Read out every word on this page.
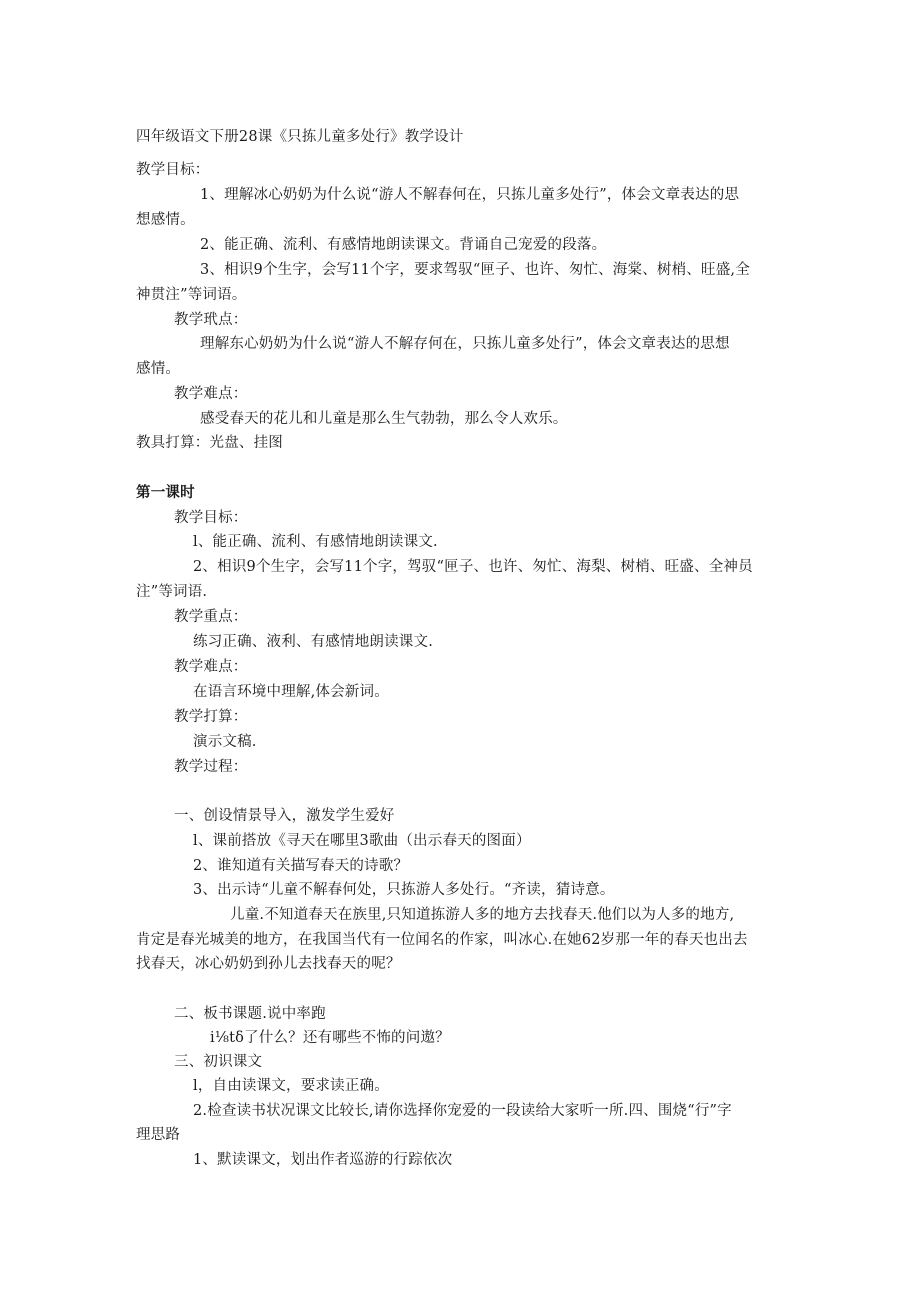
四年级语文下册28课《只拣儿童多处行》教学设计
教学目标：
1、理解冰心奶奶为什么说“游人不解春何在，只拣儿童多处行”，体会文章表达的思
想感情。
2、能正确、流利、有感情地朗读课文。背诵自己宠爱的段落。
3、相识9个生字，会写11个字，要求驾驭“匣子、也许、匆忙、海棠、树梢、旺盛,全
神贯注”等词语。
教学玳点：
理解东心奶奶为什么说“游人不解存何在，只拣儿童多处行”，体会文章表达的思想
感情。
教学难点：
感受春天的花儿和儿童是那么生气勃勃，那么令人欢乐。
教具打算：光盘、挂图
第一课时
教学目标：
l、能正确、流利、有感情地朗读课文.
2、相识9个生字，会写11个字，驾驭“匣子、也许、匆忙、海梨、树梢、旺盛、全神员
注”等词语.
教学重点：
练习正确、液利、有感情地朗读课文.
教学难点：
在语言环境中理解,体会新词。
教学打算：
演示文稿.
教学过程：
一、创设情景导入，激发学生爱好
l、课前搭放《寻天在哪里3歌曲（出示春天的图面）
2、谁知道有关描写春天的诗歌？
3、出示诗“儿童不解春何处，只拣游人多处行。“齐读，猜诗意。
儿童.不知道春天在族里,只知道拣游人多的地方去找春天.他们以为人多的地方,
肯定是春光城美的地方，在我国当代有一位闻名的作家，叫冰心.在她62岁那一年的春天也出去
找春天，冰心奶奶到孙儿去找春天的呢？
二、板书课题.说中率跑
i⅛tδ了什么？还有哪些不怖的问遨？
三、初识课文
l，自由读课文，要求读正确。
2.检查读书状况课文比较长,请你选择你宠爱的一段读给大家听一所.四、围烧“行”字
理思路
1、默读课文，划出作者巡游的行踪依次
